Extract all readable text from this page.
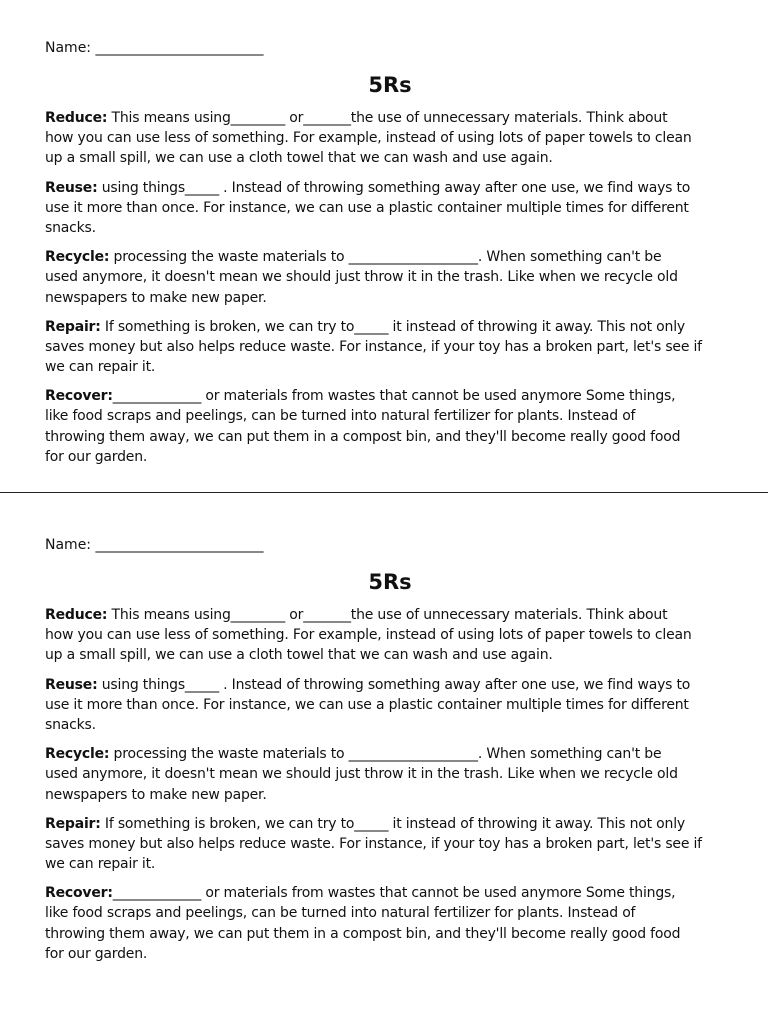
Name: ________________________

5Rs

Reduce: This means using________ or_______the use of unnecessary materials. Think about
how you can use less of something. For example, instead of using lots of paper towels to clean
up a small spill, we can use a cloth towel that we can wash and use again.

Reuse: using things_____ . Instead of throwing something away after one use, we find ways to
use it more than once. For instance, we can use a plastic container multiple times for different
snacks.

Recycle: processing the waste materials to ___________________. When something can't be
used anymore, it doesn't mean we should just throw it in the trash. Like when we recycle old
newspapers to make new paper.

Repair: If something is broken, we can try to_____ it instead of throwing it away. This not only
saves money but also helps reduce waste. For instance, if your toy has a broken part, let's see if
we can repair it.

Recover:_____________ or materials from wastes that cannot be used anymore Some things,
like food scraps and peelings, can be turned into natural fertilizer for plants. Instead of
throwing them away, we can put them in a compost bin, and they'll become really good food
for our garden.

Name: ________________________

5Rs

Reduce: This means using________ or_______the use of unnecessary materials. Think about
how you can use less of something. For example, instead of using lots of paper towels to clean
up a small spill, we can use a cloth towel that we can wash and use again.

Reuse: using things_____ . Instead of throwing something away after one use, we find ways to
use it more than once. For instance, we can use a plastic container multiple times for different
snacks.

Recycle: processing the waste materials to ___________________. When something can't be
used anymore, it doesn't mean we should just throw it in the trash. Like when we recycle old
newspapers to make new paper.

Repair: If something is broken, we can try to_____ it instead of throwing it away. This not only
saves money but also helps reduce waste. For instance, if your toy has a broken part, let's see if
we can repair it.

Recover:_____________ or materials from wastes that cannot be used anymore Some things,
like food scraps and peelings, can be turned into natural fertilizer for plants. Instead of
throwing them away, we can put them in a compost bin, and they'll become really good food
for our garden.
